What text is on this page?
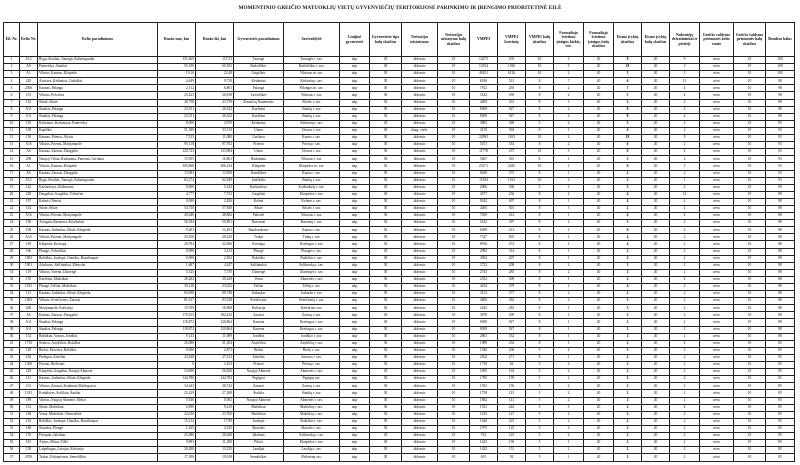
MOMENTINIO GREIČIO MATUOKLIŲ VIETŲ GYVENVIEČIŲ TERITORIJOSE PARINKIMO IR ĮRENGIMO PRIORITETINĖ EILĖ
Eil. Nr.	Kelio Nr.	Kelio pavadinimas	Ruožo nuo, km	Ruožo iki, km	Gyvenvietės pavadinimas	Savivaldybė	Linijinė gyvenvietė	Gyvenvietės tipo balų skaičius	Teritorijos užstatymas	Teritorijos užstatymo balų skaičius	VMPEI	VMPEI krovinių	VMPEI balų skaičius	Formaliojo švietimo įstaigos kiekis, vnt.	Formaliojo švietimo įstaigos balų skaičius	Eismo įvykių skaičius	Eismo įvykių balų skaičius	Nukentėję dviratininkai ir pėstieji	Greičio valdymo priemonės kelio ruože	Greičio valdymo priemonės balų skaičius	Bendras balas
1	A12	Ryga–Šiauliai–Tauragė–Kaliningradas	151,669	157,53	Tauragė	Tauragės r. sav.	taip	30	didesnis	10	14275	476	10	3	20	8	20	9	nėra	10	100
2	A9	Panevėžys–Šiauliai	55,198	60,392	Radviliškis	Radviliškio r. sav.	taip	30	didesnis	10	12554	1026	10	5	20	18	20	3	nėra	10	100
3	A1	Vilnius–Kaunas–Klaipėda	19,16	22,48	Grigiškės	Vilniaus m. sav.	taip	30	didesnis	10	40101	6126	10	2	20	3	20	3	nėra	10	100
4	220	Aristava–Kėdainiai–Cinkiškis	4,649	9,758	Kėdainiai	Kėdainių r. sav.	taip	30	didesnis	10	6186	512	8	7	20	6	20	11	nėra	10	98
5	2306	Kaunas–Palanga	2,112	6,861	Palanga	Palangos m. sav.	taip	30	didesnis	10	7812	293	8	2	20	7	20	4	nėra	10	98
6	101	Vilnius–Polockas	25,423	26,818	Lavoriškės	Vilniaus r. sav.	taip	30	didesnis	10	3142	339	8	2	20	5	20	4	nėra	10	98
7	152	Šilutė–Šilutė	40,758	43,759	Žemaičių Naumiestis	Šilutės r. sav.	taip	30	didesnis	10	4405	301	8	3	20	2	20	2	nėra	10	98
8	A11	Šiauliai–Palanga	23,551	26,322	Kuršėnai	Šiaulių r. sav.	taip	30	didesnis	10	8309	927	8	2	20	8	20	4	nėra	10	98
9	A11	Šiauliai–Palanga	23,551	26,322	Kuršėnai	Šiaulių r. sav.	taip	30	didesnis	10	8309	927	8	2	20	8	20	4	nėra	10	98
10	195	Kėdainiai–Krekenava–Panevėžys	0,000	4,970	Kėdainiai	Kėdainių r. sav.	taip	30	didesnis	10	3802	369	5	2	20	3	20	4	nėra	10	95
11	138	Kupiškis	51,380	53,119	Utena	Utenos r. sav.	taip	30	daug. viešr.	10	4139	304	8	1	20	4	20	2	nėra	10	93
12	130	Kaunas–Prienai–Alytus	7,515	11,080	Garliava	Kauno r. sav.	taip	30	didesnis	10	22995	1165	10	2	20	19	20	9	nėra	10	93
13	A16	Vilnius–Prienai–Marijampolė	95,118	97,762	Prienai	Prienų r. sav.	taip	30	didesnis	10	5471	354	8	2	20	6	20	2	nėra	10	93
14	A6	Kaunas–Zarasai–Daugpilis	120,723	133,984	Utena	Utenos r. sav.	taip	30	didesnis	10	11778	237	10	3	20	6	20	2	nėra	10	93
15	208	Naujoji Vilnia–Rudamina–Paneriai–Geriūnai	15,955	16,861	Rudamina	Vilniaus r. sav.	taip	30	didesnis	10	5667	301	8	1	20	5	20	2	nėra	10	93
16	A1	Vilnius–Kaunas–Klaipėda	305,808	306,234	Klaipėda	Klaipėdos m. sav.	taip	30	didesnis	10	23271	2445	10	1	20	6	20	3	nėra	10	93
17	A6	Kaunas–Zarasai–Daugpilis	13,083	13,958	Kamšiškės	Kauno r. sav.	taip	30	didesnis	10	6029	375	8	1	20	2	20	2	nėra	10	93
18	A12	Ryga–Šiauliai–Tauragė–Kaliningradas	63,272	62,949	Joniškėlis	Šiaulių r. sav.	taip	30	didesnis	10	11594	1012	10	2	20	2	20	1	nėra	10	93
19	142	Kaišiadorys–Žiežmariai	9,000	5,142	Kaišiadorys	Kaišiadorių r. sav.	taip	30	didesnis	10	2906	338	5	3	20	3	20	2	nėra	10	90
20	228	Daugeliai–Gargždai–Vėžaičiai	4,777	7,752	Gargždai	Klaipėdos r. sav.	taip	30	didesnis	10	4577	236	8	2	20	4	20	12	nėra	10	88
21	197	Kelmė–Oberiai	0,000	2,826	Kelmė	Kelmės r. sav.	taip	30	didesnis	10	9242	497	8	1	20	4	20	4	nėra	10	88
22	152	Šilutė–Šilutė	54,730	57,830	Šilutė	Šilutės r. sav.	taip	30	didesnis	10	4405	301	8	3	20	2	20	2	nėra	10	88
23	A16	Vilnius–Prienai–Marijampolė	45,640	48,882	Paberžė	Vilniaus r. sav.	taip	30	didesnis	10	7659	412	8	1	20	4	20	2	nėra	10	88
24	190	Ariogala–Raseiniai–Kryžkalnis	56,394	59,891	Raseiniai	Raseinių r. sav.	taip	30	didesnis	10	5412	397	8	2	20	3	20	2	nėra	10	88
25	108	Kaunas–Jurbarkas–Šilutė–Klaipėda	9,203	12,491	Raudondvaris	Kauno r. sav.	taip	30	didesnis	10	6499	413	8	1	20	6	20	2	nėra	10	88
26	A16	Vilnius–Prienai–Marijampolė	25,818	28,229	Trakai	Trakų r. sav.	taip	30	didesnis	10	7327	655	8	1	20	4	20	2	nėra	10	88
27	169	Klaipėda–Kretinga	28,784	22,666	Kretinga	Kretingos r. sav.	taip	30	didesnis	10	8916	472	8	1	20	4	20	2	nėra	10	88
28	166	Plungė–Vidsodžiai	0,998	3,413	Plungė	Plungės r. sav.	taip	30	didesnis	10	2983	314	8	1	20	2	20	2	nėra	10	88
29	1802	Rokiškis–Juodupė–Onuškis–Rozalinapas	0,000	2,562	Rokiškis	Rokiškio r. sav.	taip	30	didesnis	10	4504	207	8	1	20	2	20	2	nėra	10	88
30	1901	Ažuboras–Šalčininkai–Mėnydai	1,687	4,447	Šalčininkai	Šalčininkų r. sav.	taip	30	didesnis	10	3722	208	8	2	20	3	20	2	nėra	10	88
31	119	Vilnius–Varėna–Ukmergė	5,325	7,370	Ukmergė	Ukmergės r. sav.	taip	30	didesnis	10	2743	285	8	2	20	2	20	2	nėra	10	88
32	135	Kuršėnai–Mažeikiai	28,282	30,249	Venta	Akmenės r. sav.	taip	30	didesnis	10	2352	309	8	1	20	2	20	2	nėra	10	88
33	1813	Plungė–Telšiai–Mažeikiai	30,128	33,922	Telšiai	Telšių r. sav.	taip	30	didesnis	10	4234	379	8	1	20	4	20	2	nėra	10	88
34	141	Kaunas–Jurbarkas–Šilutė–Klaipėda	84,098	89,748	Jurbarkas	Jurbarko r. sav.	taip	30	didesnis	10	3112	377	8	2	20	2	20	2	nėra	10	88
35	1403	Vilnius–Švenčionys–Zarasai	81,617	83,528	Švenčionys	Švenčionių r. sav.	taip	30	didesnis	10	4606	362	8	2	20	3	20	2	nėra	10	88
36	200	Marijampolė–Kalvarija	19,709	16,968	Kalvarija	Kalvarijos sav.	taip	30	didesnis	10	2442	282	8	1	20	3	20	2	nėra	10	88
37	A6	Kaunas–Zarasai–Daugpilis	178,255	182,222	Zarasai	Zarasų r. sav.	taip	30	didesnis	10	3878	299	8	1	20	2	20	2	nėra	10	88
38	A11	Šiauliai–Palanga	118,872	120,864	Kartena	Kretingos r. sav.	taip	30	didesnis	10	8309	927	8	1	20	2	20	2	nėra	10	88
39	A11	Šiauliai–Palanga	118,872	120,864	Kartena	Kretingos r. sav.	taip	30	didesnis	10	8309	927	8	1	20	2	20	2	nėra	10	88
40	152	Babtikiai–Varnos–Joniškis	9,143	11,089	Joniškis	Joniškio r. sav.	taip	30	didesnis	10	2861	332	8	1	20	2	20	2	nėra	10	88
41	1710	Šeduva–Anykščiai–Rokiškis	26,080	31,294	Anykščiai	Anykščių r. sav.	taip	30	didesnis	10	1989	234	8	1	20	2	20	2	nėra	10	85
42	120	Biržai–Pasvalys–Rokiškis	0,000	2,873	Biržai	Biržų r. sav.	taip	30	didesnis	10	1540	206	5	4	20	3	20	3	nėra	10	85
43	182	Pielegiai–Žeiteliai	23,448	27,412	Žeiteliai	Jonavos r. sav.	taip	30	didesnis	10	2102	271	8	1	20	2	20	2	nėra	10	85
44	1306	Prienai–Birštonas	0	3,163	Prienai	Prienų r. sav.	taip	30	didesnis	10	1730	62	5	2	20	2	20	2	nėra	10	85
45	229	Klaipėda–Gargždai–Naujoji Akmenė	54,690	56,820	Naujoji Akmenė	Akmenės r. sav.	taip	30	didesnis	10	1695	163	5	2	20	2	20	2	nėra	10	85
46	141	Kaunas–Jurbarkas–Šilutė–Klaipėda	144,780	144,782	Pagėgiai	Pagėgių sav.	taip	30	didesnis	10	1795	159	5	2	20	2	20	2	nėra	10	85
47	101	Vilnius–Zarasai–Kedainiai Mažeigatvis	34,643	38,742	Zarasai	Zarasų r. sav.	taip	30	didesnis	10	1953	150	5	2	20	2	20	2	nėra	10	85
48	1915	Kruūdavas–Švilikiai–Šauliai	25,229	27,288	Šiukšta	Šiaulių r. sav.	taip	30	didesnis	10	1758	215	5	2	20	2	20	2	nėra	10	85
49	189	Vilnius–Naujoji Akmenė–Sleliai	5,926	0,002	Naujoji Akmenė	Akmenės r. sav.	taip	30	didesnis	10	1862	141	5	2	20	2	20	2	nėra	10	85
50	161	Šilutė–Mažeikiai	6,890	9,210	Mažeikiai	Mažeikių r. sav.	taip	30	didesnis	10	1521	244	5	3	20	2	20	2	nėra	10	85
51	168	Venta–Mažeikiai–Nemenčinė	22,610	23,760	Mažeikiai	Mažeikių r. sav.	taip	30	didesnis	10	1415	127	5	2	20	2	20	2	nėra	10	85
52	163	Rokiškis–Juodupė–Onuškis–Rozalinapas	15,214	17,99	Juodupė	Rokiškio r. sav.	taip	30	didesnis	10	1648	225	5	2	20	2	20	2	nėra	10	85
53	180	Skuodas–Plungė	1,625	4,525	Skuodas	Skuodo r. sav.	taip	30	didesnis	10	1975	125	5	2	20	2	20	2	nėra	10	85
54	176	Pirtupiai–Jalalinas	25,086	26,640	Jalalinas	Šalčininkų r. sav.	taip	30	didesnis	10	761	125	5	2	20	2	20	2	nėra	10	85
55	181	Alytus–Pikiai–Tilžė	9,893	11,290	Pikiai	Klaipėdos r. sav.	taip	30	didesnis	10	1423	150	5	1	20	2	20	2	nėra	10	85
56	158	Laipelingas–Leizijai–Kelvarija	30,280	13,235	Lazdijai	Lazdijų r. sav.	taip	30	didesnis	10	1425	151	5	2	20	2	20	2	nėra	10	85
57	4709	Trakai–Paltraniemis–Semeliškės	17,180	19,018	Semeliškės	Elektrėnų sav.	taip	30	didesnis	10	691	92	5	1	20	2	20	2	nėra	10	85
